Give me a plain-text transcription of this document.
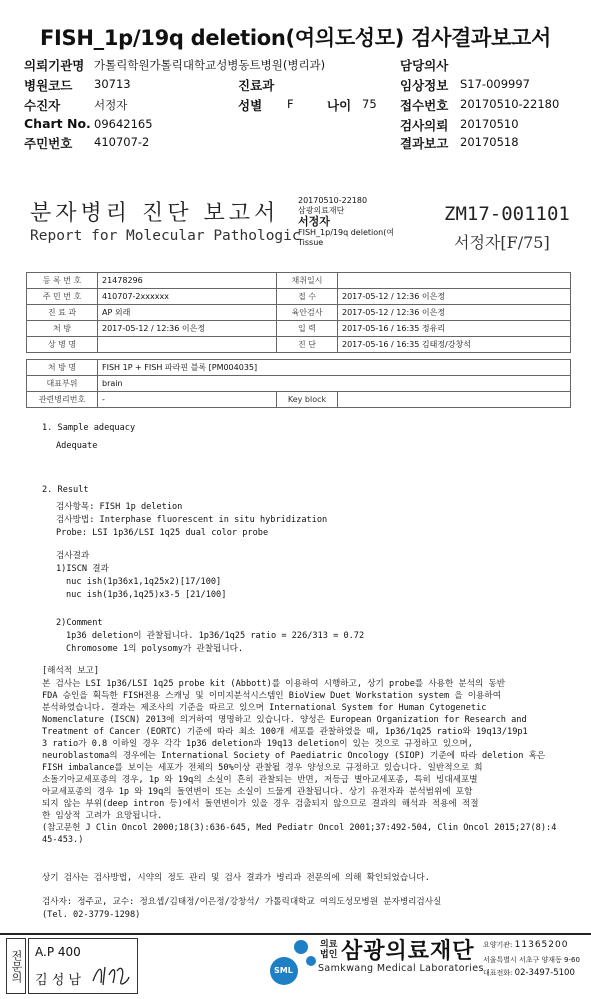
FISH_1p/19q deletion(여의도성모) 검사결과보고서
의뢰기관명 가톨릭학원가톨릭대학교성병동트병원(병리과)	담당의사
병원코드 30713	진료과	임상정보 S17-009997
수진자	서정자	성별 F	나이 75 접수번호 20170510-22180
Chart No. 09642165	검사의뢰 20170510
주민번호 410707-2	결과보고 20170518
분자병리 진단 보고서
Report for Molecular Pathologic
20170510-22180
삼광의료재단
서정자
FISH_1p/19q deletion(여
Tissue
ZM17-001101
서정자[F/75]
등 록 번 호	21478296	채취일시	
주 민 번 호	410707-2xxxxxx	접 수	2017-05-12 / 12:36 이은정
진 료 과	AP 외래	육안검사	2017-05-12 / 12:36 이은정
처 방	2017-05-12 / 12:36 이은정	입 력	2017-05-16 / 16:35 정유리
상 병 명		진 단	2017-05-16 / 16:35 김태정/강창석
처 방 명	FISH 1P + FISH 파라핀 블록 [PM004035]		
대표부위	brain		
관련병리번호	-	Key block	
1. Sample adequacy
Adequate
2. Result
검사항목: FISH 1p deletion
검사방법: Interphase fluorescent in situ hybridization
Probe: LSI 1p36/LSI 1q25 dual color probe
검사결과
1)ISCN 결과
nuc ish(1p36x1,1q25x2)[17/100]
nuc ish(1p36,1q25)x3-5 [21/100]
2)Comment
1p36 deletion이 관찰됩니다. 1p36/1q25 ratio = 226/313 = 0.72
Chromosome 1의 polysomy가 관찰됩니다.
[해석적 보고]
본 검사는 LSI 1p36/LSI 1q25 probe kit (Abbott)를 이용하여 시행하고, 상기 probe를 사용한 분석의 동반
FDA 승인을 획득한 FISH전용 스캐닝 및 이미지분석시스템인 BioView Duet Workstation system 을 이용하여
분석하였습니다. 결과는 제조사의 기준을 따르고 있으며 International System for Human Cytogenetic
Nomenclature (ISCN) 2013에 의거하여 명명하고 있습니다. 양성은 European Organization for Research and
Treatment of Cancer (EORTC) 기준에 따라 최소 100개 세포를 관찰하였을 때, 1p36/1q25 ratio와 19q13/19p1
3 ratio가 0.8 이하일 경우 각각 1p36 deletion과 19q13 deletion이 있는 것으로 규정하고 있으며,
neuroblastoma의 경우에는 International Society of Paediatric Oncology (SIOP) 기준에 따라 deletion 혹은
FISH imbalance를 보이는 세포가 전체의 50%이상 관찰될 경우 양성으로 규정하고 있습니다. 일반적으로 희
소돌기아교세포종의 경우, 1p 와 19q의 소실이 흔히 관찰되는 반면, 저등급 별아교세포종, 특히 빙대세포별
아교세포종의 경우 1p 와 19q의 돌연변이 또는 소실이 드물게 관찰됩니다. 상기 유전자좌 분석범위에 포함
되지 않는 부위(deep intron 등)에서 돌연변이가 있을 경우 검출되지 않으므로 결과의 해석과 적용에 적절
한 임상적 고려가 요망됩니다.
(참고문헌 J Clin Oncol 2000;18(3):636-645, Med Pediatr Oncol 2001;37:492-504, Clin Oncol 2015;27(8):4
45-453.)
상기 검사는 검사방법, 시약의 정도 관리 및 검사 결과가 병리과 전문의에 의해 확인되었습니다.
검사자: 정주교, 교수: 정요셉/김태정/이은정/강창석/ 가톨릭대학교 여의도성모병원 분자병리검사실
(Tel. 02-3779-1298)
전문의 A.P 400
김 성 남
SML
의료
법인 삼광의료재단
Samkwang Medical Laboratories
요양기관: 11365200
서울특별시 서초구 양재동 9-60
대표전화: 02-3497-5100
